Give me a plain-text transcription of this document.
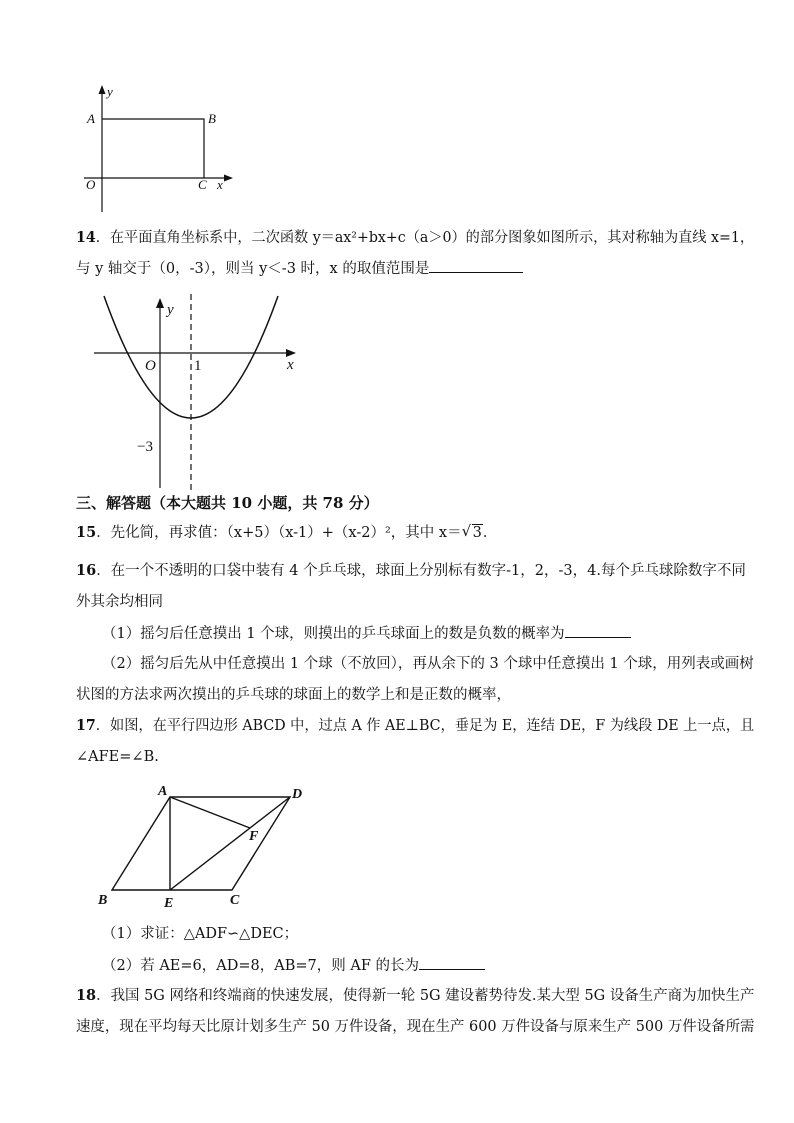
y
x
O
A	B
C
14．在平面直角坐标系中，二次函数 y＝ax²+bx+c（a＞0）的部分图象如图所示，其对称轴为直线 x=1，
与 y 轴交于（0，-3），则当 y＜-3 时，x 的取值范围是
y
x
O	1
−3
三、解答题（本大题共 10 小题，共 78 分）
15．先化简，再求值：（x+5）（x-1）+（x-2）²，其中 x＝ √ 3．
16．在一个不透明的口袋中装有 4 个乒乓球，球面上分别标有数字-1，2，-3，4.每个乒乓球除数字不同
外其余均相同
（1）摇匀后任意摸出 1 个球，则摸出的乒乓球面上的数是负数的概率为
（2）摇匀后先从中任意摸出 1 个球（不放回），再从余下的 3 个球中任意摸出 1 个球，用列表或画树
状图的方法求两次摸出的乒乓球的球面上的数学上和是正数的概率，
17．如图，在平行四边形 ABCD 中，过点 A 作 AE⊥BC，垂足为 E，连结 DE，F 为线段 DE 上一点，且
∠AFE=∠B.
A	D
F
B	E	C
（1）求证：△ADF∽△DEC；
（2）若 AE=6，AD=8，AB=7，则 AF 的长为
18．我国 5G 网络和终端商的快速发展，使得新一轮 5G 建设蓄势待发.某大型 5G 设备生产商为加快生产
速度，现在平均每天比原计划多生产 50 万件设备，现在生产 600 万件设备与原来生产 500 万件设备所需
